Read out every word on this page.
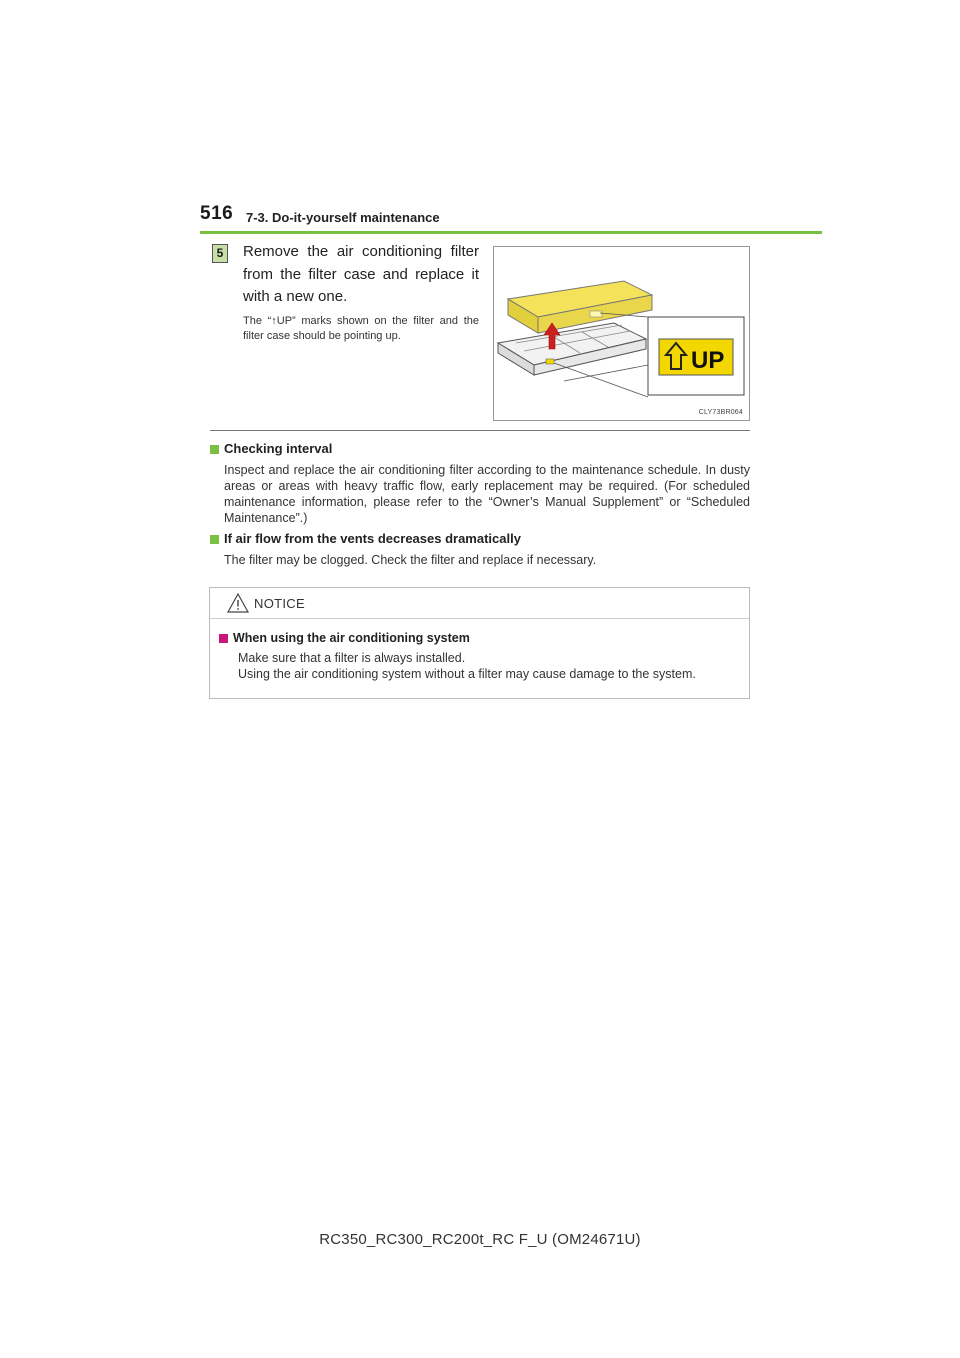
516 7-3. Do-it-yourself maintenance
5	Remove the air conditioning filter from the filter case and replace it with a new one.
The “↑UP” marks shown on the filter and the filter case should be pointing up.
UP
CLY73BR064
Checking interval
Inspect and replace the air conditioning filter according to the maintenance schedule. In dusty areas or areas with heavy traffic flow, early replacement may be required. (For scheduled maintenance information, please refer to the “Owner’s Manual Supplement” or “Scheduled Maintenance”.)
If air flow from the vents decreases dramatically
The filter may be clogged. Check the filter and replace if necessary.
NOTICE
When using the air conditioning system
Make sure that a filter is always installed.
Using the air conditioning system without a filter may cause damage to the system.
RC350_RC300_RC200t_RC F_U (OM24671U)
